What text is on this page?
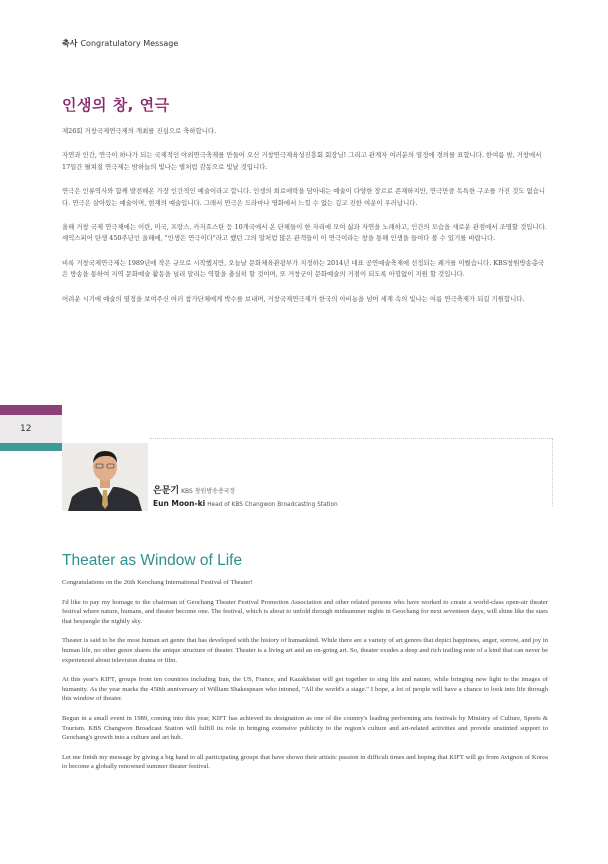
축사 Congratulatory Message
인생의 창, 연극

제26회 거창국제연극제의 개최를 진심으로 축하합니다.

자연과 인간, 연극이 하나가 되는 국제적인 야외연극축제를 만들어 오신 거창연극제육성진흥회 회장님! 그리고 관계자 여러분의 열정에 경의를 표합니다. 한여름 밤, 거창에서 17일간 펼쳐질 연극제는 밤하늘의 빛나는 별처럼 감동으로 빛날 것입니다.

연극은 인류역사와 함께 발전해온 가장 인간적인 예술이라고 합니다. 인생의 희로애락을 담아내는 예술이 다양한 장르로 존재하지만, 연극만큼 독특한 구조를 가진 것도 없습니다. 연극은 살아있는 예술이며, 현재의 예술입니다. 그래서 연극은 드라마나 영화에서 느낄 수 없는 깊고 진한 여운이 우러납니다.

올해 거창 국제 연극제에는 이란, 미국, 프랑스, 카자흐스탄 등 10개국에서 온 단체들이 한 자리에 모여 삶과 자연을 노래하고, 인간의 모습을 새로운 관점에서 조명할 것입니다. 셰익스피어 탄생 450주년인 올해에, "인생은 연극이다"라고 했던 그의 말처럼 많은 관객들이 이 연극이라는 창을 통해 인생을 들여다 볼 수 있기를 바랍니다.

비록 거창국제연극제는 1989년에 작은 규모로 시작했지만, 오늘날 문화체육관광부가 지정하는 2014년 대표 공연예술축제에 선정되는 쾌거를 이뤘습니다. KBS창원방송총국은 방송을 통하여 지역 문화예술 활동을 널리 알리는 역할을 충실히 할 것이며, 또 거창군이 문화예술의 거점이 되도록 아낌없이 지원 할 것입니다.

어려운 시기에 예술의 열정을 보여주신 여러 참가단체에게 박수를 보내며, 거창국제연극제가 한국의 아비뇽을 넘어 세계 속의 빛나는 여름 연극축제가 되길 기원합니다.

12
은문기 KBS 창원방송총국장
Eun Moon-ki Head of KBS Changwon Broadcasting Station
Theater as Window of Life

Congratulations on the 26th Keochang International Festival of Theater!

I'd like to pay my homage to the chairman of Geochang Theater Festival Promotion Association and other related persons who have worked to create a world-class open-air theater festival where nature, humans, and theater become one. The festival, which is about to unfold through midsummer nights in Geochang for next seventeen days, will shine like the stars that bespangle the nightly sky.

Theater is said to be the most human art genre that has developed with the history of humankind. While there are a variety of art genres that depict happiness, anger, sorrow, and joy in human life, no other genre shares the unique structure of theater. Theater is a living art and an on-going art. So, theater exudes a deep and rich trailing note of a kind that can never be experienced about television drama or film.

At this year's KIFT, groups from ten countries including Iran, the US, France, and Kazakhstan will get together to sing life and nature, while bringing new light to the images of humanity. As the year marks the 450th anniversary of William Shakespeare who intoned, "All the world's a stage." I hope, a lot of people will have a chance to look into life through this window of theater.

Begun in a small event in 1989, coming into this year, KIFT has achieved its designation as one of the country's leading performing arts festivals by Ministry of Culture, Sports & Tourism. KBS Changwon Broadcast Station will fulfill its role in bringing extensive publicity to the region's culture and art-related activities and provide unstinted support to Geochang's growth into a culture and art hub.

Let me finish my message by giving a big hand to all participating groups that have shown their artistic passion in difficult times and hoping that KIFT will go from Avignon of Korea to become a globally renowned summer theater festival.
